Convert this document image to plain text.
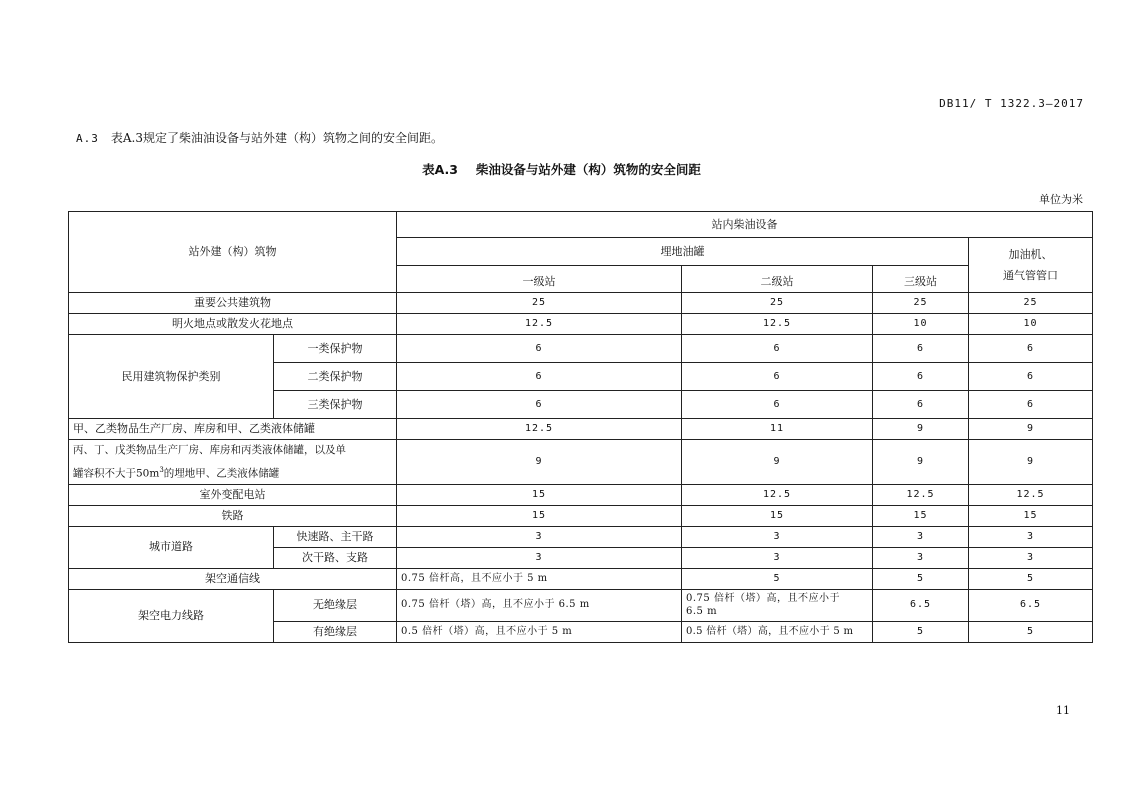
DB11/ T 1322.3—2017
A.3 表A.3规定了柴油油设备与站外建（构）筑物之间的安全间距。
表A.3 柴油设备与站外建（构）筑物的安全间距
单位为米
站外建（构）筑物		站内柴油设备			
		埋地油罐			加油机、
通气管管口

		一级站	二级站	三级站	
重要公共建筑物		25	25	25	25
明火地点或散发火花地点		12.5	12.5	10	10
民用建筑物保护类别	一类保护物	6	6	6	6
	二类保护物	6	6	6	6
	三类保护物	6	6	6	6
甲、乙类物品生产厂房、库房和甲、乙类液体储罐		12.5	11	9	9

丙、丁、戊类物品生产厂房、库房和丙类液体储罐，以及单
罐容积不大于$50m^3$的埋地甲、乙类液体储罐		9	9	9	9
室外变配电站		15	12.5	12.5	12.5
铁路		15	15	15	15
城市道路	快速路、主干路	3	3	3	3
	次干路、支路	3	3	3	3
架空通信线		0.75 倍杆高，且不应小于 5 m	5	5	5
架空电力线路	无绝缘层	0.75 倍杆（塔）高，且不应小于 6.5 m	0.75 倍杆（塔）高，且不应小于
6.5 m	6.5	6.5
	有绝缘层	0.5 倍杆（塔）高，且不应小于 5 m	0.5 倍杆（塔）高，且不应小于 5 m	5	5
11
